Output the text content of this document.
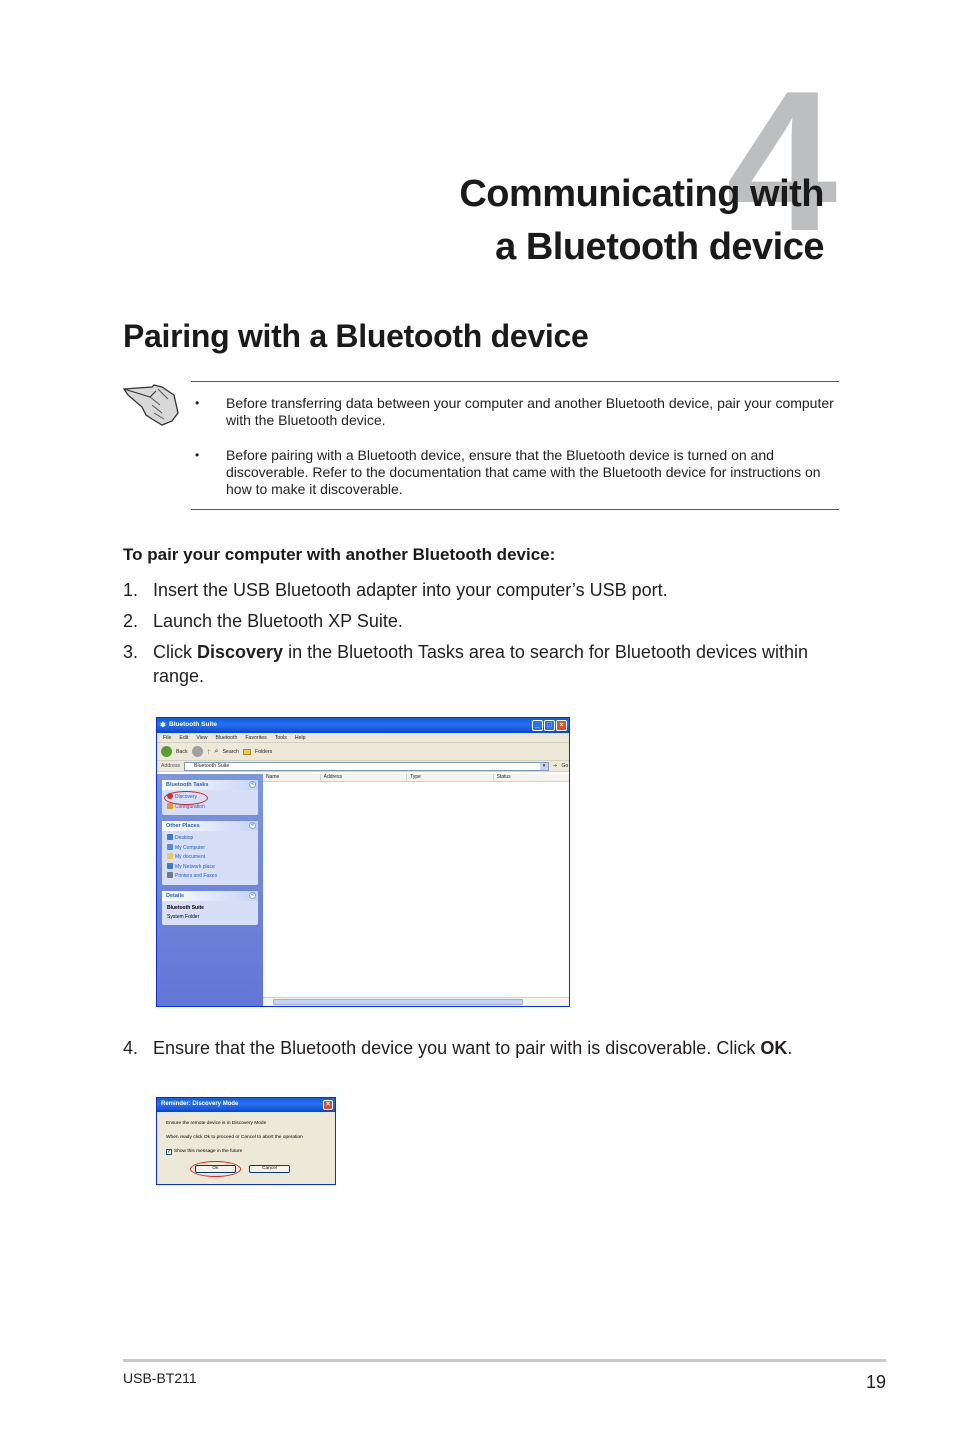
4
Communicating with
a Bluetooth device
Pairing with a Bluetooth device
• Before transferring data between your computer and another Bluetooth device, pair your computer with the Bluetooth device.
• Before pairing with a Bluetooth device, ensure that the Bluetooth device is turned on and discoverable. Refer to the documentation that came with the Bluetooth device for instructions on how to make it discoverable.
To pair your computer with another Bluetooth device:
1. Insert the USB Bluetooth adapter into your computer’s USB port.
2. Launch the Bluetooth XP Suite.
3. Click Discovery in the Bluetooth Tasks area to search for Bluetooth devices within range.
✱ Bluetooth Suite	_	□	×
File Edit View Bluetooth Favorites Tools Help
Back ↑ ⌕ Search	Folders
Address	Bluetooth Suite	▾	➔ Go
Bluetooth Tasks	«
Discovery
Configuration
Other Places	«
Desktop
My Computer
My document
My Network place
Printers and Faxes
Details	«
Bluetooth Suite
System Folder
Name	Address	Type	Status
4. Ensure that the Bluetooth device you want to pair with is discoverable. Click OK.
Reminder: Discovery Mode	×
Ensure the remote device is in Discovery Mode
When ready click Ok to proceed or Cancel to abort the operation
✓ Show this message in the future
Ok	Cancel
USB-BT211	19
